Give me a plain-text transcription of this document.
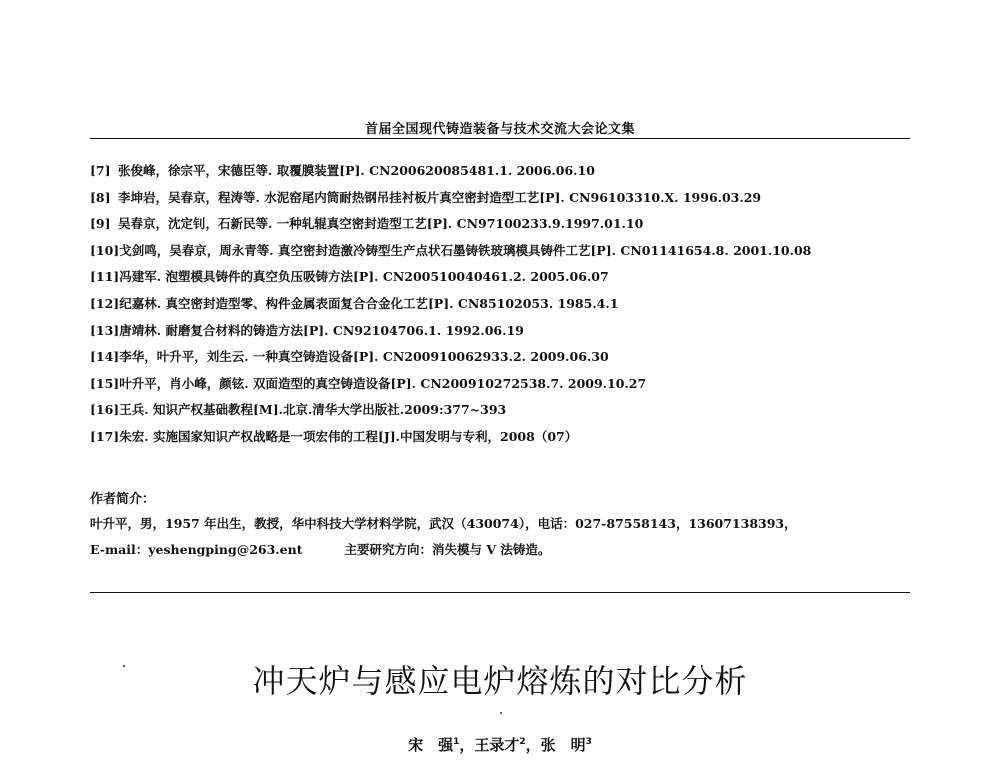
首届全国现代铸造装备与技术交流大会论文集
[7] 张俊峰，徐宗平，宋德臣等. 取覆膜装置[P]. CN200620085481.1. 2006.06.10
[8] 李坤岩，吴春京，程涛等. 水泥窑尾内筒耐热钢吊挂衬板片真空密封造型工艺[P]. CN96103310.X. 1996.03.29
[9] 吴春京，沈定钊，石新民等. 一种轧辊真空密封造型工艺[P]. CN97100233.9.1997.01.10
[10]戈剑鸣，吴春京，周永青等. 真空密封造激冷铸型生产点状石墨铸铁玻璃模具铸件工艺[P]. CN01141654.8. 2001.10.08
[11]冯建军. 泡塑模具铸件的真空负压吸铸方法[P]. CN200510040461.2. 2005.06.07
[12]纪嘉林. 真空密封造型零、构件金属表面复合合金化工艺[P]. CN85102053. 1985.4.1
[13]唐靖林. 耐磨复合材料的铸造方法[P]. CN92104706.1. 1992.06.19
[14]李华，叶升平，刘生云. 一种真空铸造设备[P]. CN200910062933.2. 2009.06.30
[15]叶升平，肖小峰，颜铉. 双面造型的真空铸造设备[P]. CN200910272538.7. 2009.10.27
[16]王兵. 知识产权基础教程[M].北京.清华大学出版社.2009:377~393
[17]朱宏. 实施国家知识产权战略是一项宏伟的工程[J].中国发明与专利，2008（07）
作者简介：
叶升平，男，1957 年出生，教授，华中科技大学材料学院，武汉（430074），电话：027-87558143，13607138393，
E-mail：yeshengping@263.ent	主要研究方向：消失模与 V 法铸造。
冲天炉与感应电炉熔炼的对比分析
宋　强$^1$，王录才$^2$，张　明$^3$
